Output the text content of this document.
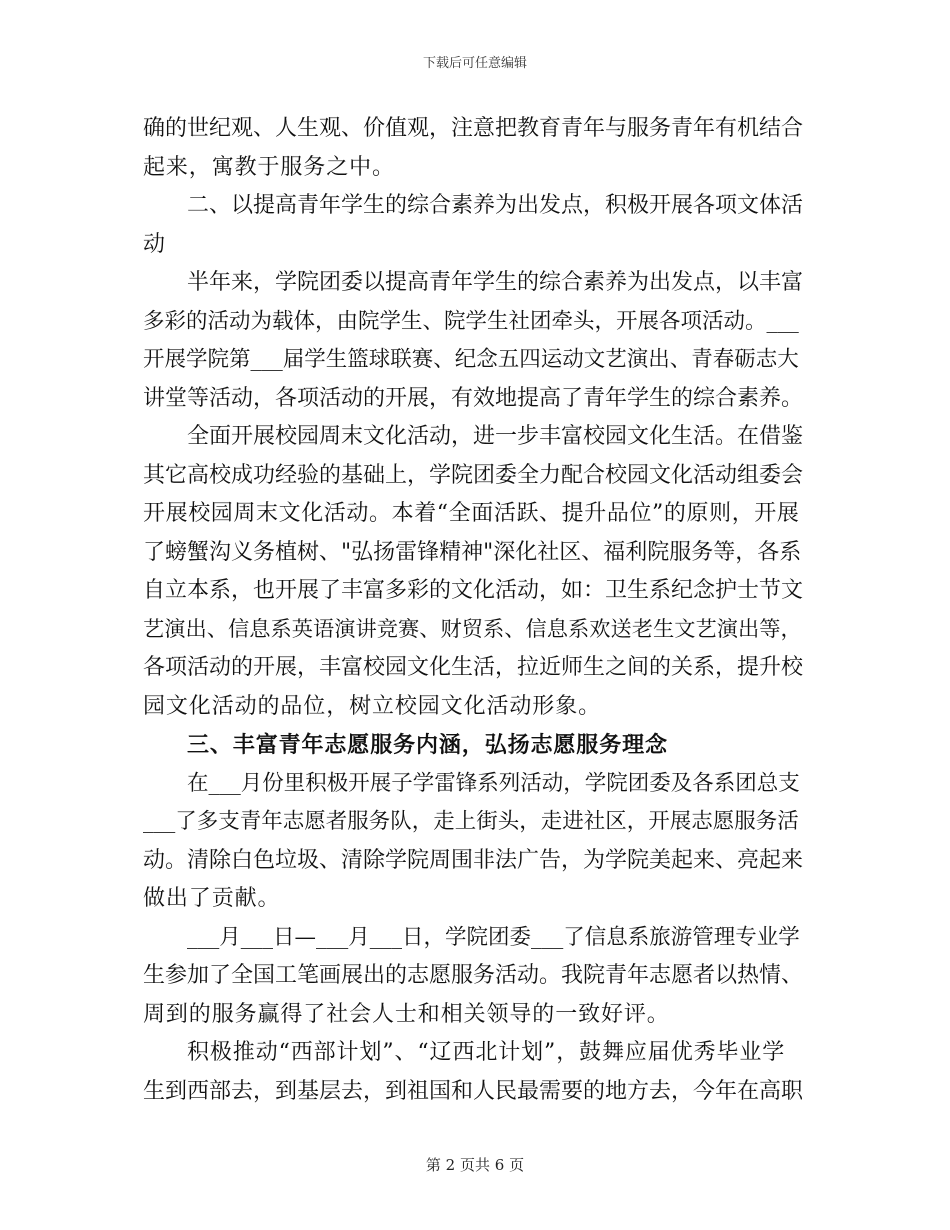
下载后可任意编辑
确的世纪观、人生观、价值观，注意把教育青年与服务青年有机结合
起来，寓教于服务之中。
二、以提高青年学生的综合素养为出发点，积极开展各项文体活
动
半年来，学院团委以提高青年学生的综合素养为出发点，以丰富
多彩的活动为载体，由院学生、院学生社团牵头，开展各项活动。___
开展学院第___届学生篮球联赛、纪念五四运动文艺演出、青春砺志大
讲堂等活动，各项活动的开展，有效地提高了青年学生的综合素养。
全面开展校园周末文化活动，进一步丰富校园文化生活。在借鉴
其它高校成功经验的基础上，学院团委全力配合校园文化活动组委会
开展校园周末文化活动。本着“全面活跃、提升品位”的原则，开展
了螃蟹沟义务植树、"弘扬雷锋精神"深化社区、福利院服务等，各系
自立本系，也开展了丰富多彩的文化活动，如：卫生系纪念护士节文
艺演出、信息系英语演讲竞赛、财贸系、信息系欢送老生文艺演出等，
各项活动的开展，丰富校园文化生活，拉近师生之间的关系，提升校
园文化活动的品位，树立校园文化活动形象。
三、丰富青年志愿服务内涵，弘扬志愿服务理念
在___月份里积极开展子学雷锋系列活动，学院团委及各系团总支
___了多支青年志愿者服务队，走上街头，走进社区，开展志愿服务活
动。清除白色垃圾、清除学院周围非法广告，为学院美起来、亮起来
做出了贡献。
___月___日—___月___日，学院团委___了信息系旅游管理专业学
生参加了全国工笔画展出的志愿服务活动。我院青年志愿者以热情、
周到的服务赢得了社会人士和相关领导的一致好评。
积极推动“西部计划”、“辽西北计划”，鼓舞应届优秀毕业学
生到西部去，到基层去，到祖国和人民最需要的地方去，今年在高职
第 2 页共 6 页
